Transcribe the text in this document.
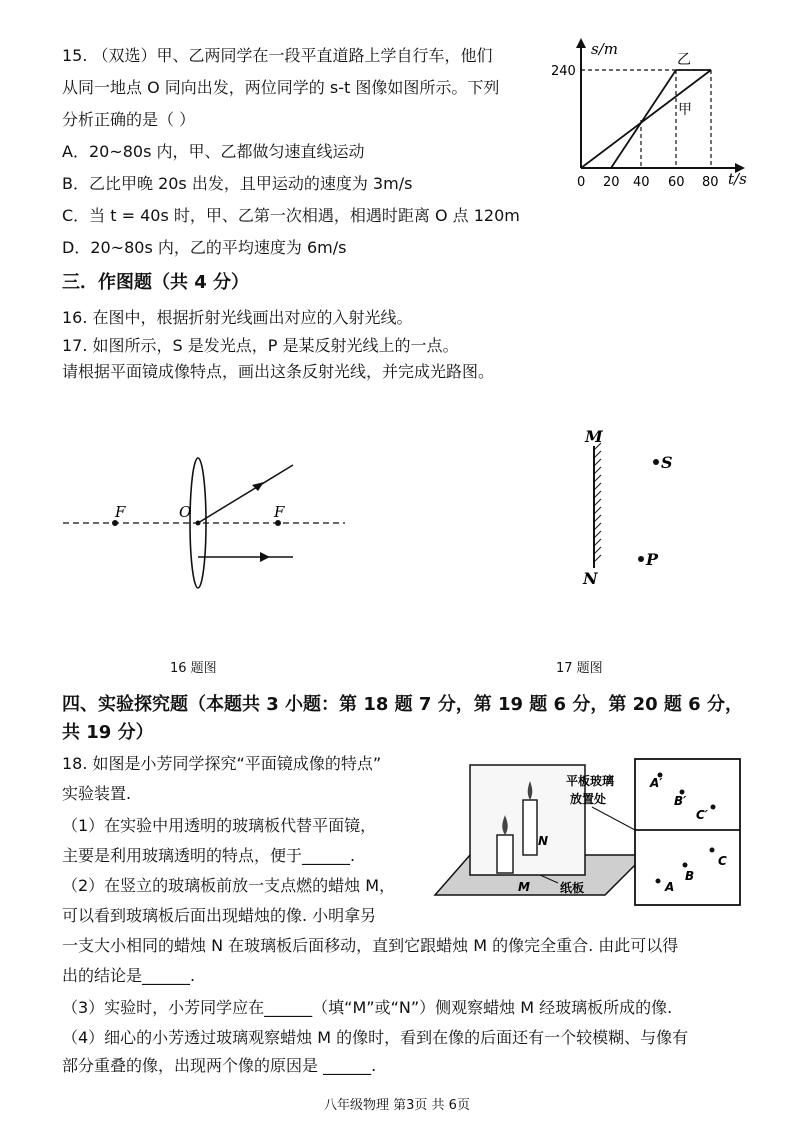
15. （双选）甲、乙两同学在一段平直道路上学自行车，他们
从同一地点 O 同向出发，两位同学的 s-t 图像如图所示。下列
分析正确的是（ ）
A．20~80s 内，甲、乙都做匀速直线运动
B．乙比甲晚 20s 出发，且甲运动的速度为 3m/s
C．当 t = 40s 时，甲、乙第一次相遇，相遇时距离 O 点 120m
D．20~80s 内，乙的平均速度为 6m/s
s/m
t/s
240
0 20 40 60 80
乙
甲
三．作图题（共 4 分）
16. 在图中，根据折射光线画出对应的入射光线。
17. 如图所示，S 是发光点，P 是某反射光线上的一点。
请根据平面镜成像特点，画出这条反射光线，并完成光路图。
F	O	F
16 题图
M
N
S
P
17 题图
四、实验探究题（本题共 3 小题：第 18 题 7 分，第 19 题 6 分，第 20 题 6 分，
共 19 分）
18. 如图是小芳同学探究“平面镜成像的特点”
实验装置.
（1）在实验中用透明的玻璃板代替平面镜，
主要是利用玻璃透明的特点，便于______.
（2）在竖立的玻璃板前放一支点燃的蜡烛 M，
可以看到玻璃板后面出现蜡烛的像. 小明拿另
一支大小相同的蜡烛 N 在玻璃板后面移动，直到它跟蜡烛 M 的像完全重合. 由此可以得
出的结论是______.
（3）实验时，小芳同学应在______（填“M”或“N”）侧观察蜡烛 M 经玻璃板所成的像.
（4）细心的小芳透过玻璃观察蜡烛 M 的像时，看到在像的后面还有一个较模糊、与像有
部分重叠的像，出现两个像的原因是 ______.
M
N
平板玻璃
放置处
纸板
A′
B′
C′
A
B
C
八年级物理 第3页 共 6页
